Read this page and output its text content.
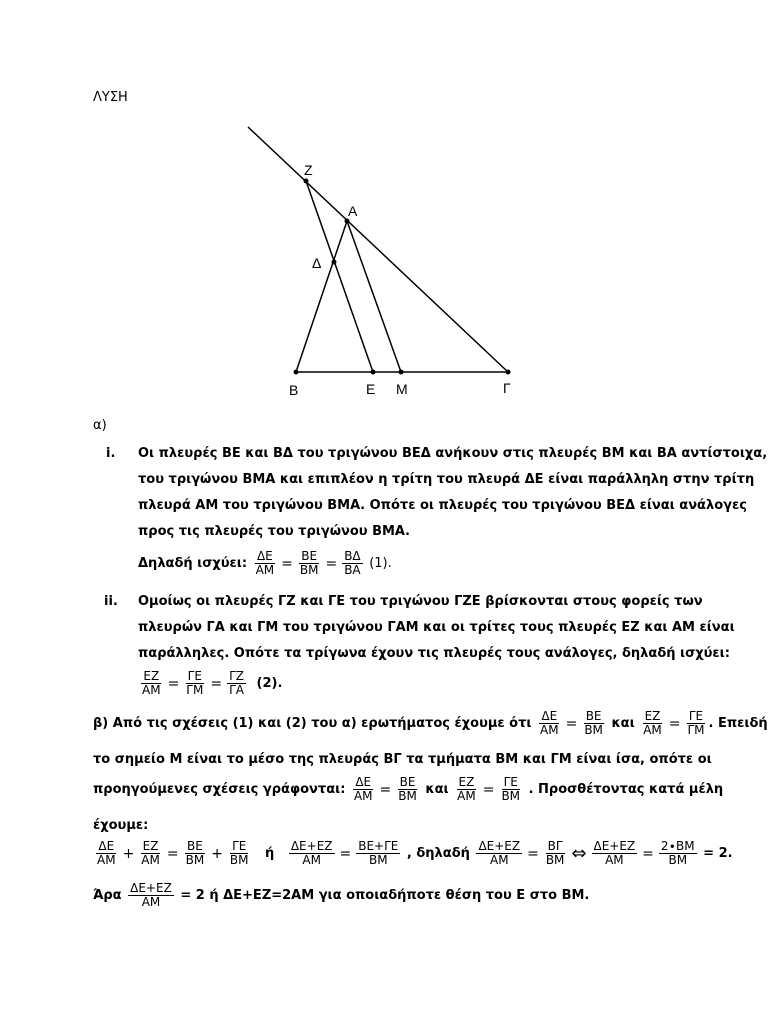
ΛΥΣΗ
Z
Α
Δ
Β	Ε Μ	Γ
α)
i. Οι πλευρές ΒΕ και ΒΔ του τριγώνου ΒΕΔ ανήκουν στις πλευρές ΒΜ και ΒΑ αντίστοιχα,
του τριγώνου ΒΜΑ και επιπλέον η τρίτη του πλευρά ΔΕ είναι παράλληλη στην τρίτη
πλευρά ΑΜ του τριγώνου ΒΜΑ. Οπότε οι πλευρές του τριγώνου ΒΕΔ είναι ανάλογες
προς τις πλευρές του τριγώνου ΒΜΑ.
Δηλαδή ισχύει: $\frac{\Delta E}{AM} = \frac{BE}{BM} = \frac{B\Delta}{BA} (1)$.
ii. Ομοίως οι πλευρές ΓΖ και ΓΕ του τριγώνου ΓΖΕ βρίσκονται στους φορείς των
πλευρών ΓΑ και ΓΜ του τριγώνου ΓΑΜ και οι τρίτες τους πλευρές ΕΖ και ΑΜ είναι
παράλληλες. Οπότε τα τρίγωνα έχουν τις πλευρές τους ανάλογες, δηλαδή ισχύει:
$\frac{EZ}{AM} = \frac{\Gamma E}{\Gamma M} = \frac{\Gamma Z}{\Gamma A} (2)$.
β) Από τις σχέσεις (1) και (2) του α) ερωτήματος έχουμε ότι $\frac{\Delta E}{AM} = \frac{BE}{BM}$ και $\frac{EZ}{AM} = \frac{\Gamma E}{\Gamma M}$ . Επειδή
το σημείο Μ είναι το μέσο της πλευράς ΒΓ τα τμήματα ΒΜ και ΓΜ είναι ίσα, οπότε οι
προηγούμενες σχέσεις γράφονται: $\frac{\Delta E}{AM} = \frac{BE}{BM}$ και $\frac{EZ}{AM} = \frac{\Gamma E}{BM}$ . Προσθέτοντας κατά μέλη
έχουμε:
$\frac{\Delta E}{AM} + \frac{EZ}{AM} = \frac{BE}{BM} + \frac{\Gamma E}{BM}$ ή $\frac{\Delta E+EZ}{AM} = \frac{BE+\Gamma E}{BM}$ , δηλαδή $\frac{\Delta E+EZ}{AM} = \frac{B\Gamma}{BM}$ ⇔ $\frac{\Delta E+EZ}{AM} = \frac{2\cdot BM}{BM} = 2$.
Άρα $\frac{\Delta E+EZ}{AM} = 2$ ή ΔΕ+ΕΖ=2ΑΜ για οποιαδήποτε θέση του Ε στο ΒΜ.
